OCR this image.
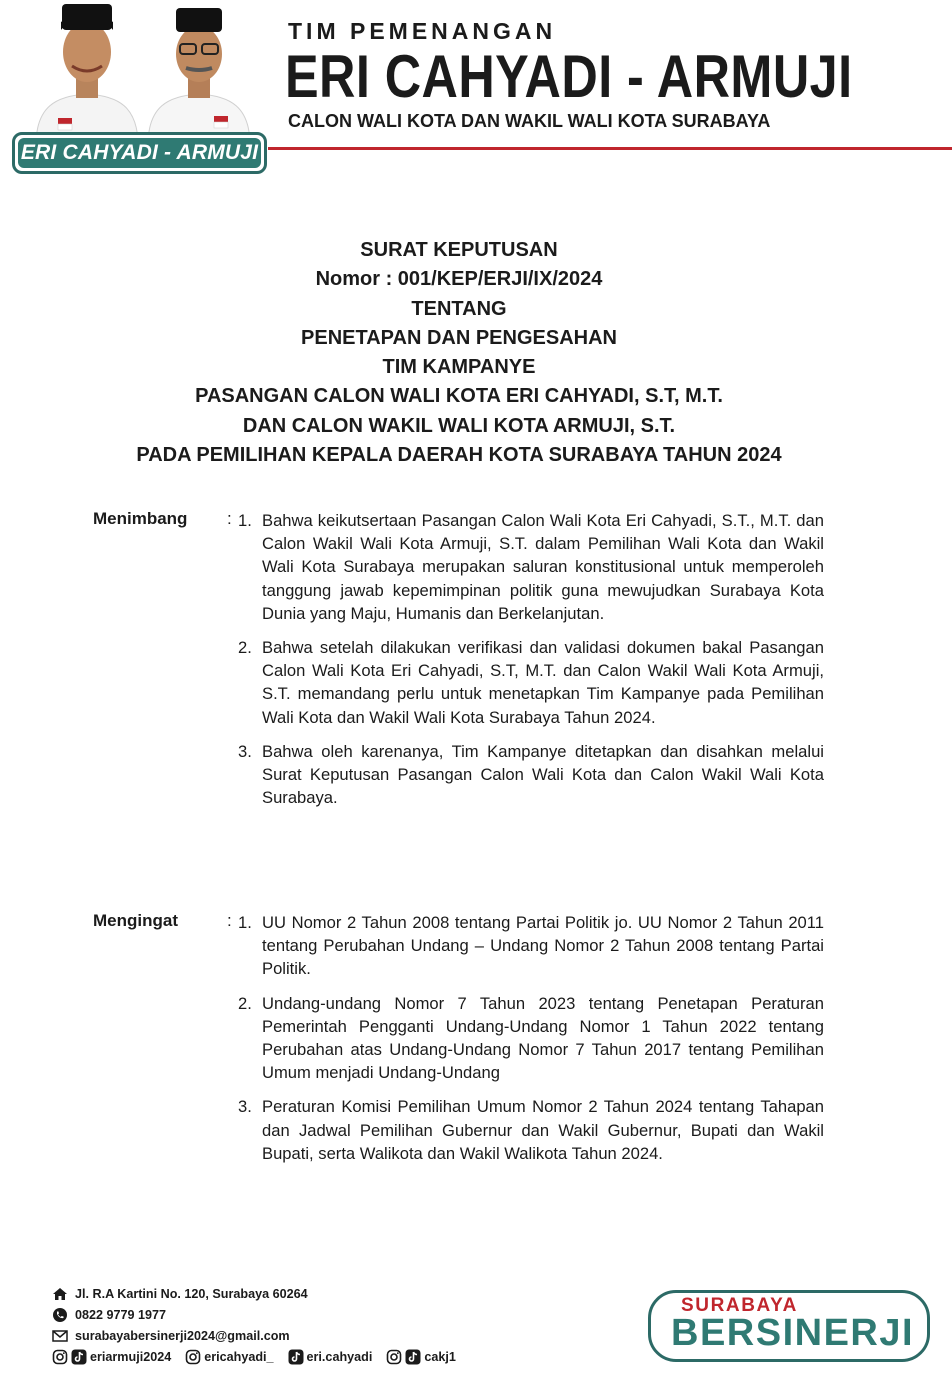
ERI CAHYADI - ARMUJI
TIM PEMENANGAN
ERI CAHYADI - ARMUJI
CALON WALI KOTA DAN WAKIL WALI KOTA SURABAYA
SURAT KEPUTUSAN
Nomor : 001/KEP/ERJI/IX/2024
TENTANG
PENETAPAN DAN PENGESAHAN
TIM KAMPANYE
PASANGAN CALON WALI KOTA ERI CAHYADI, S.T, M.T.
DAN CALON WAKIL WALI KOTA ARMUJI, S.T.
PADA PEMILIHAN KEPALA DAERAH KOTA SURABAYA TAHUN 2024
Menimbang : 1. Bahwa keikutsertaan Pasangan Calon Wali Kota Eri Cahyadi, S.T., M.T. dan Calon Wakil Wali Kota Armuji, S.T. dalam Pemilihan Wali Kota dan Wakil Wali Kota Surabaya merupakan saluran konstitusional untuk memperoleh tanggung jawab kepemimpinan politik guna mewujudkan Surabaya Kota Dunia yang Maju, Humanis dan Berkelanjutan.
2. Bahwa setelah dilakukan verifikasi dan validasi dokumen bakal Pasangan Calon Wali Kota Eri Cahyadi, S.T, M.T. dan Calon Wakil Wali Kota Armuji, S.T. memandang perlu untuk menetapkan Tim Kampanye pada Pemilihan Wali Kota dan Wakil Wali Kota Surabaya Tahun 2024.
3. Bahwa oleh karenanya, Tim Kampanye ditetapkan dan disahkan melalui Surat Keputusan Pasangan Calon Wali Kota dan Calon Wakil Wali Kota Surabaya.
Mengingat	: 1. UU Nomor 2 Tahun 2008 tentang Partai Politik jo. UU Nomor 2 Tahun 2011 tentang Perubahan Undang – Undang Nomor 2 Tahun 2008 tentang Partai Politik.
2. Undang-undang Nomor 7 Tahun 2023 tentang Penetapan Peraturan Pemerintah Pengganti Undang-Undang Nomor 1 Tahun 2022 tentang Perubahan atas Undang-Undang Nomor 7 Tahun 2017 tentang Pemilihan Umum menjadi Undang-Undang
3. Peraturan Komisi Pemilihan Umum Nomor 2 Tahun 2024 tentang Tahapan dan Jadwal Pemilihan Gubernur dan Wakil Gubernur, Bupati dan Wakil Bupati, serta Walikota dan Wakil Walikota Tahun 2024.
Jl. R.A Kartini No. 120, Surabaya 60264
0822 9779 1977
surabayabersinerji2024@gmail.com
eriarmuji2024	ericahyadi_	eri.cahyadi	cakj1
SURABAYA
BERSINERJI
